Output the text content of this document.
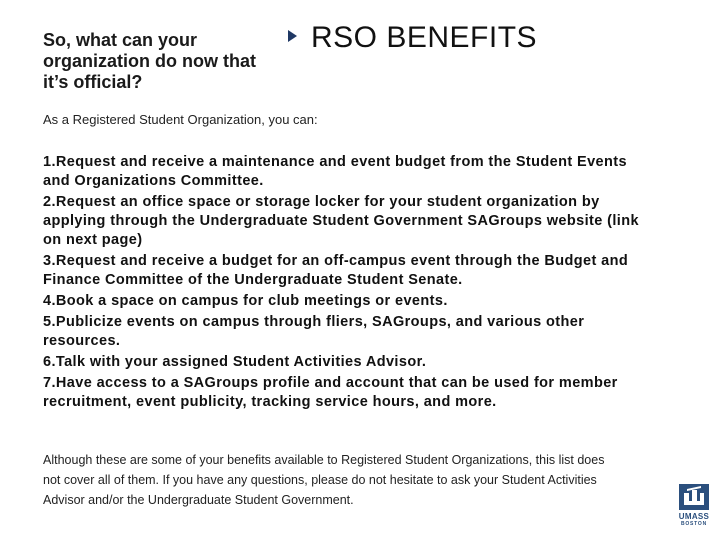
So, what can your organization do now that it’s official?
RSO BENEFITS
As a Registered Student Organization, you can:
1.Request and receive a maintenance and event budget from the Student Events and Organizations Committee.
2.Request an office space or storage locker for your student organization by applying through the Undergraduate Student Government SAGroups website (link on next page)
3.Request and receive a budget for an off-campus event through the Budget and Finance Committee of the Undergraduate Student Senate.
4.Book a space on campus for club meetings or events.
5.Publicize events on campus through fliers, SAGroups, and various other resources.
6.Talk with your assigned Student Activities Advisor.
7.Have access to a SAGroups profile and account that can be used for member recruitment, event publicity, tracking service hours, and more.
Although these are some of your benefits available to Registered Student Organizations, this list does not cover all of them. If you have any questions, please do not hesitate to ask your Student Activities Advisor and/or the Undergraduate Student Government.
UMASS
BOSTON
